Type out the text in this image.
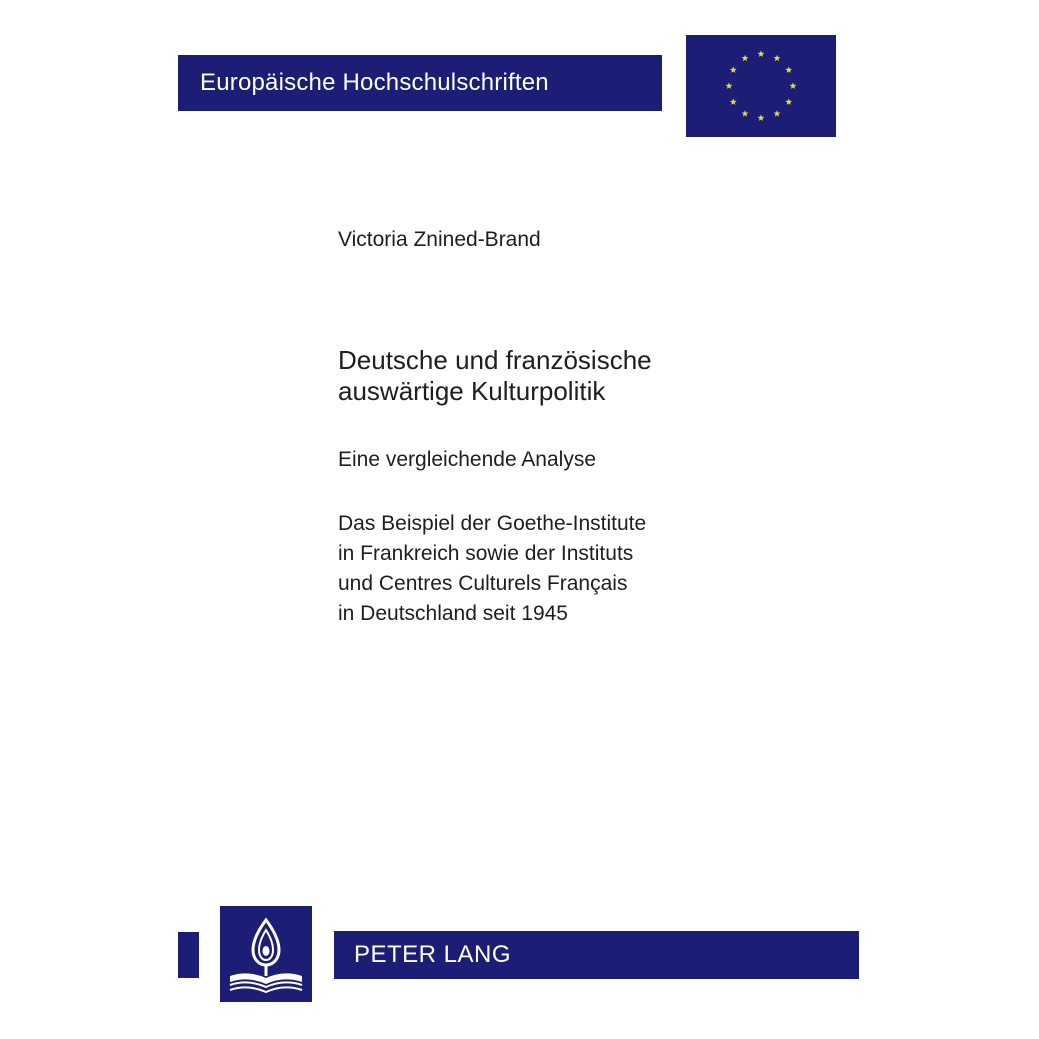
Europäische Hochschulschriften
Victoria Znined-Brand
Deutsche und französische
auswärtige Kulturpolitik
Eine vergleichende Analyse

Das Beispiel der Goethe-Institute
in Frankreich sowie der Instituts
und Centres Culturels Français
in Deutschland seit 1945

PETER LANG
